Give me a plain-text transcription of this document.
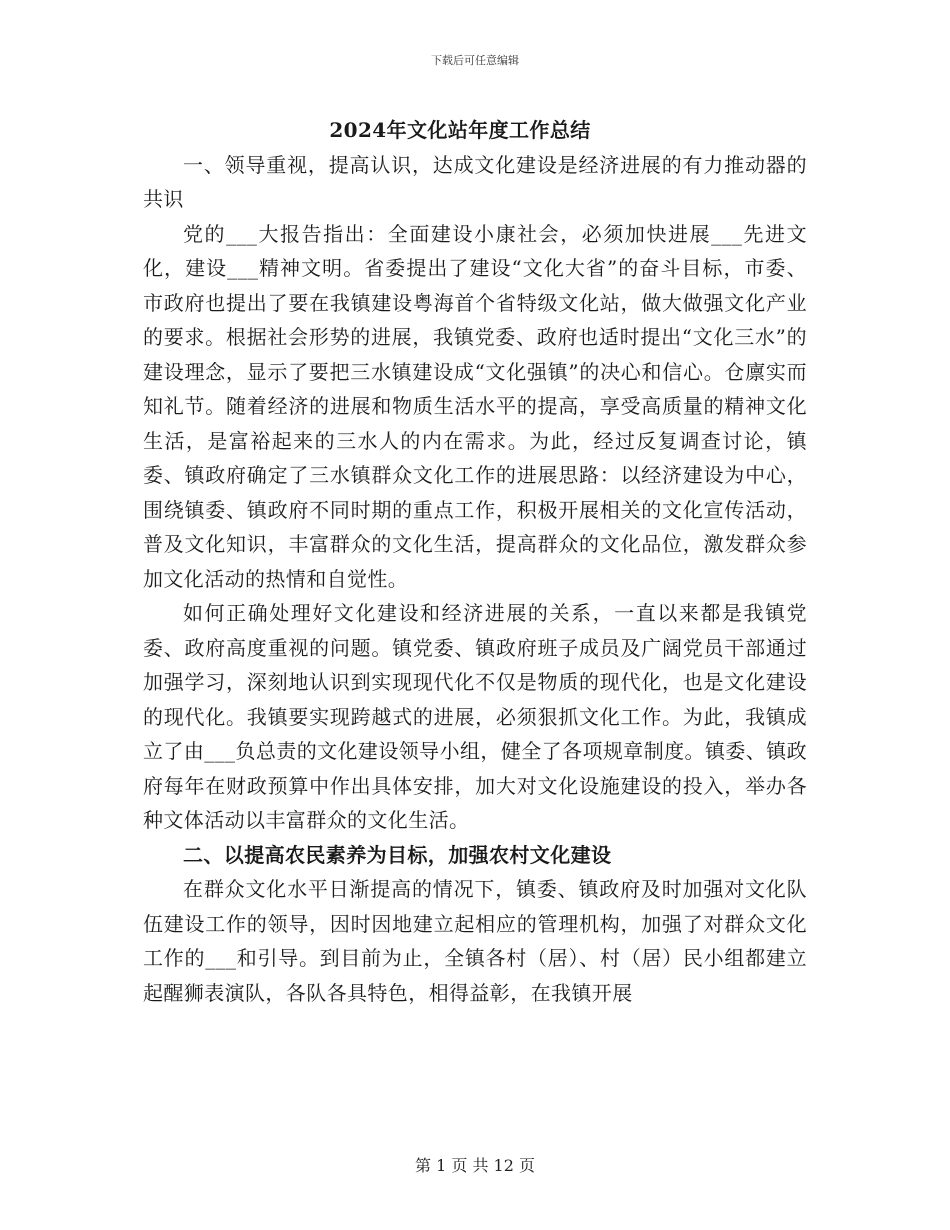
下载后可任意编辑
2024年文化站年度工作总结

一、领导重视，提高认识，达成文化建设是经济进展的有力推动器的共识

党的___大报告指出：全面建设小康社会，必须加快进展___先进文化，建设___精神文明。省委提出了建设“文化大省”的奋斗目标，市委、市政府也提出了要在我镇建设粤海首个省特级文化站，做大做强文化产业的要求。根据社会形势的进展，我镇党委、政府也适时提出“文化三水”的建设理念，显示了要把三水镇建设成“文化强镇”的决心和信心。仓廪实而知礼节。随着经济的进展和物质生活水平的提高，享受高质量的精神文化生活，是富裕起来的三水人的内在需求。为此，经过反复调查讨论，镇委、镇政府确定了三水镇群众文化工作的进展思路：以经济建设为中心，围绕镇委、镇政府不同时期的重点工作，积极开展相关的文化宣传活动，普及文化知识，丰富群众的文化生活，提高群众的文化品位，激发群众参加文化活动的热情和自觉性。

如何正确处理好文化建设和经济进展的关系，一直以来都是我镇党委、政府高度重视的问题。镇党委、镇政府班子成员及广阔党员干部通过加强学习，深刻地认识到实现现代化不仅是物质的现代化，也是文化建设的现代化。我镇要实现跨越式的进展，必须狠抓文化工作。为此，我镇成立了由___负总责的文化建设领导小组，健全了各项规章制度。镇委、镇政府每年在财政预算中作出具体安排，加大对文化设施建设的投入，举办各种文体活动以丰富群众的文化生活。

二、以提高农民素养为目标，加强农村文化建设

在群众文化水平日渐提高的情况下，镇委、镇政府及时加强对文化队伍建设工作的领导，因时因地建立起相应的管理机构，加强了对群众文化工作的___和引导。到目前为止，全镇各村（居）、村（居）民小组都建立起醒狮表演队，各队各具特色，相得益彰，在我镇开展

第 1 页 共 12 页
